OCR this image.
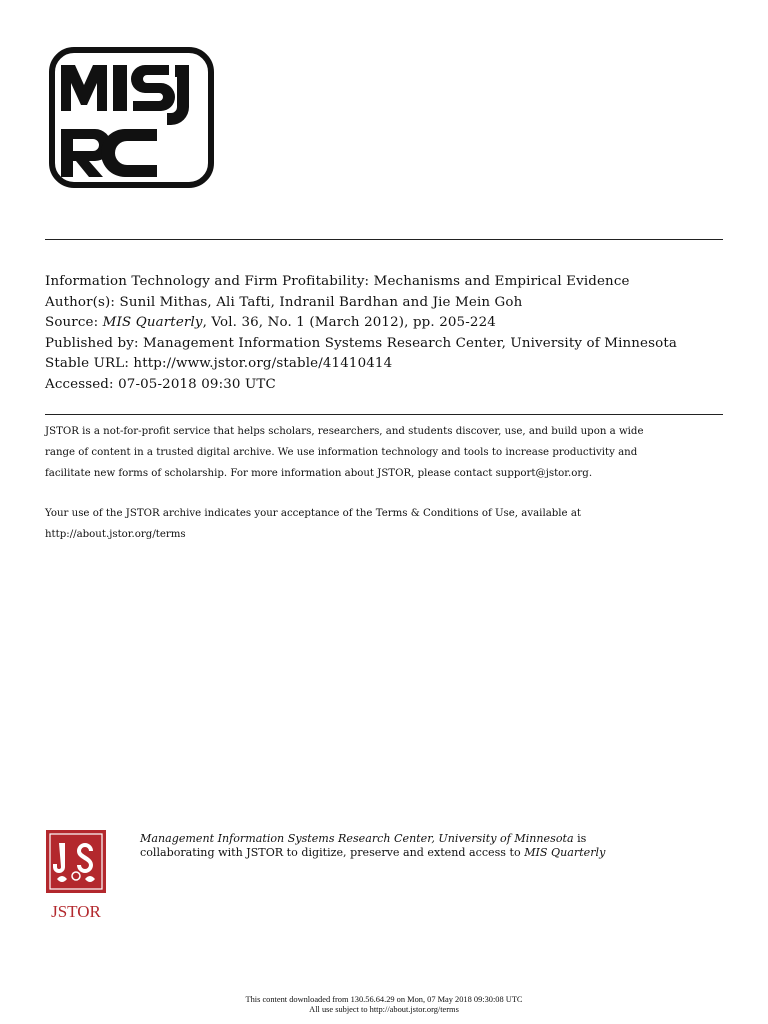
Information Technology and Firm Profitability: Mechanisms and Empirical Evidence
Author(s): Sunil Mithas, Ali Tafti, Indranil Bardhan and Jie Mein Goh
Source: MIS Quarterly, Vol. 36, No. 1 (March 2012), pp. 205-224
Published by: Management Information Systems Research Center, University of Minnesota
Stable URL: http://www.jstor.org/stable/41410414
Accessed: 07-05-2018 09:30 UTC

JSTOR is a not-for-profit service that helps scholars, researchers, and students discover, use, and build upon a wide

range of content in a trusted digital archive. We use information technology and tools to increase productivity and

facilitate new forms of scholarship. For more information about JSTOR, please contact support@jstor.org.

Your use of the JSTOR archive indicates your acceptance of the Terms & Conditions of Use, available at

http://about.jstor.org/terms
JSTOR

Management Information Systems Research Center, University of Minnesota is

collaborating with JSTOR to digitize, preserve and extend access to MIS Quarterly

This content downloaded from 130.56.64.29 on Mon, 07 May 2018 09:30:08 UTC
All use subject to http://about.jstor.org/terms
